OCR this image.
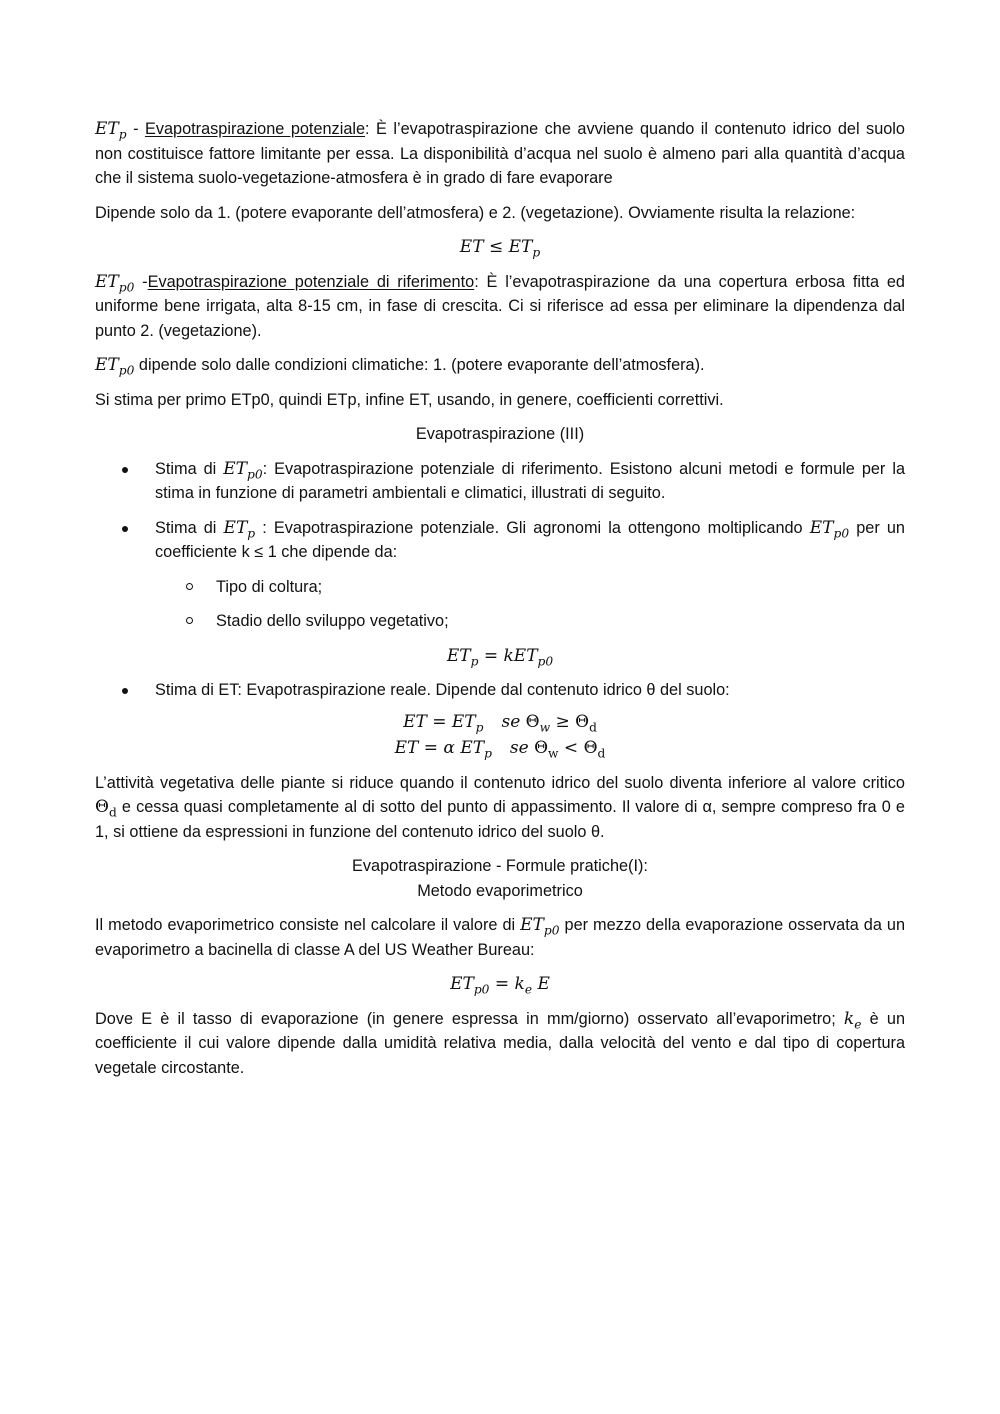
$ET_p$ - Evapotraspirazione potenziale: È l’evapotraspirazione che avviene quando il contenuto idrico del suolo non costituisce fattore limitante per essa. La disponibilità d’acqua nel suolo è almeno pari alla quantità d’acqua che il sistema suolo-vegetazione-atmosfera è in grado di fare evaporare

Dipende solo da 1. (potere evaporante dell’atmosfera) e 2. (vegetazione). Ovviamente risulta la relazione:

ET ≤ $ET_p$

$ET_{p0}$ -Evapotraspirazione potenziale di riferimento: È l’evapotraspirazione da una copertura erbosa fitta ed uniforme bene irrigata, alta 8-15 cm, in fase di crescita. Ci si riferisce ad essa per eliminare la dipendenza dal punto 2. (vegetazione).

$ET_{p0}$ dipende solo dalle condizioni climatiche: 1. (potere evaporante dell’atmosfera).

Si stima per primo ETp0, quindi ETp, infine ET, usando, in genere, coefficienti correttivi.

Evapotraspirazione (III)

Stima di $ET_{p0}$: Evapotraspirazione potenziale di riferimento. Esistono alcuni metodi e formule per la stima in funzione di parametri ambientali e climatici, illustrati di seguito.
Stima di $ET_p$ : Evapotraspirazione potenziale. Gli agronomi la ottengono moltiplicando $ET_{p0}$ per un coefficiente k ≤ 1 che dipende da:
Tipo di coltura;
Stadio dello sviluppo vegetativo;

$ET_p = kET_{p0}$

Stima di ET: Evapotraspirazione reale. Dipende dal contenuto idrico θ del suolo:
ET = $ET_p$ se $\Theta_w \ge \Theta_d$
ET = α $ET_p$ se $\Theta_w < \Theta_d$

L’attività vegetativa delle piante si riduce quando il contenuto idrico del suolo diventa inferiore al valore critico $\Theta_d$ e cessa quasi completamente al di sotto del punto di appassimento. Il valore di α, sempre compreso fra 0 e 1, si ottiene da espressioni in funzione del contenuto idrico del suolo θ.

Evapotraspirazione - Formule pratiche(I):
Metodo evaporimetrico

Il metodo evaporimetrico consiste nel calcolare il valore di $ET_{p0}$ per mezzo della evaporazione osservata da un evaporimetro a bacinella di classe A del US Weather Bureau:

$ET_{p0} = k_e$ E

Dove E è il tasso di evaporazione (in genere espressa in mm/giorno) osservato all’evaporimetro; $k_e$ è un coefficiente il cui valore dipende dalla umidità relativa media, dalla velocità del vento e dal tipo di copertura vegetale circostante.
